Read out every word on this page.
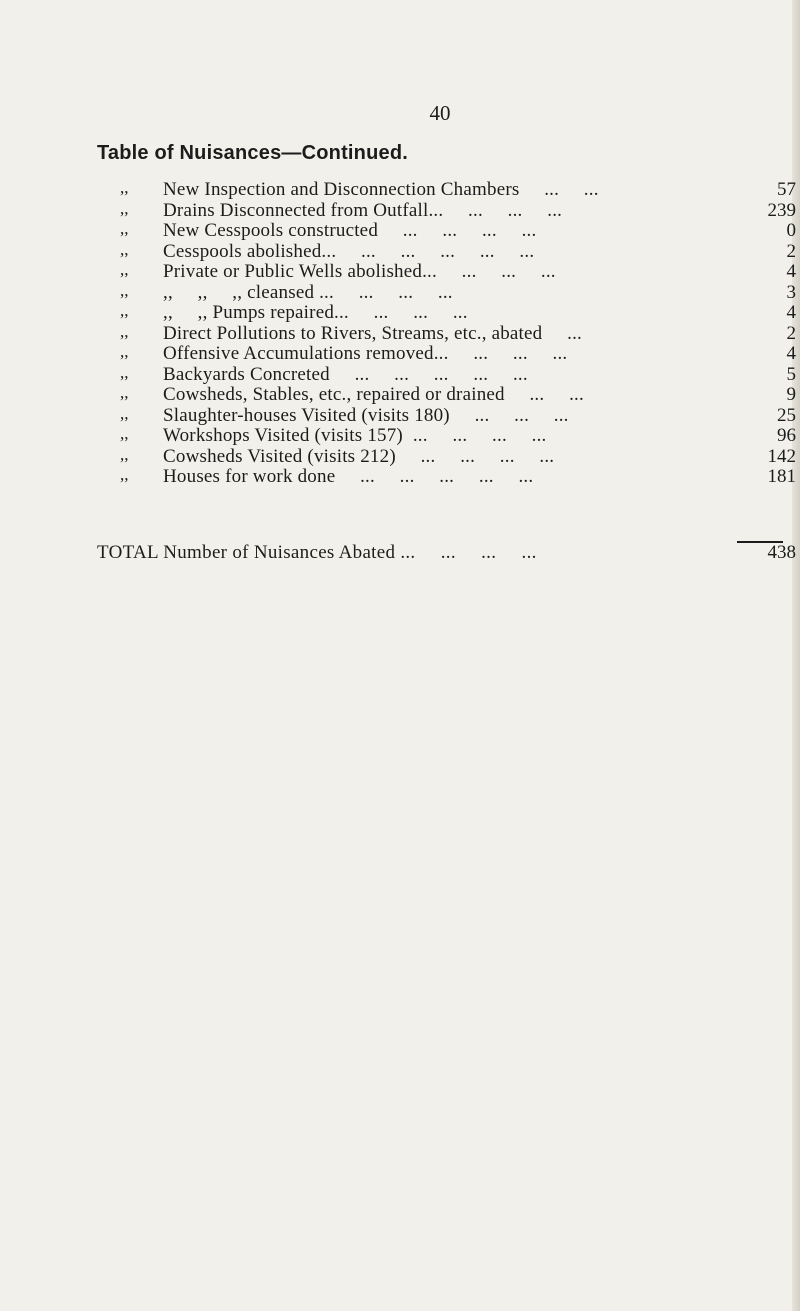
40
Table of Nuisances—Continued.
,, New Inspection and Disconnection Chambers     ...     ...	57
,, Drains Disconnected from Outfall...     ...     ...     ...	239
,, New Cesspools constructed     ...     ...     ...     ...	0
,, Cesspools abolished...     ...     ...     ...     ...     ...	2
,, Private or Public Wells abolished...     ...     ...     ...	4
,, ,,     ,,     ,, cleansed ...     ...     ...     ...	3
,, ,,     ,, Pumps repaired...     ...     ...     ...	4
,, Direct Pollutions to Rivers, Streams, etc., abated     ...	2
,, Offensive Accumulations removed...     ...     ...     ...	4
,, Backyards Concreted     ...     ...     ...     ...     ...	5
,, Cowsheds, Stables, etc., repaired or drained     ...     ...	9
,, Slaughter-houses Visited (visits 180)     ...     ...     ...	25
,, Workshops Visited (visits 157)  ...     ...     ...     ...	96
,, Cowsheds Visited (visits 212)     ...     ...     ...     ...	142
,, Houses for work done     ...     ...     ...     ...     ...	181
TOTAL Number of Nuisances Abated ...     ...     ...     ...	438
